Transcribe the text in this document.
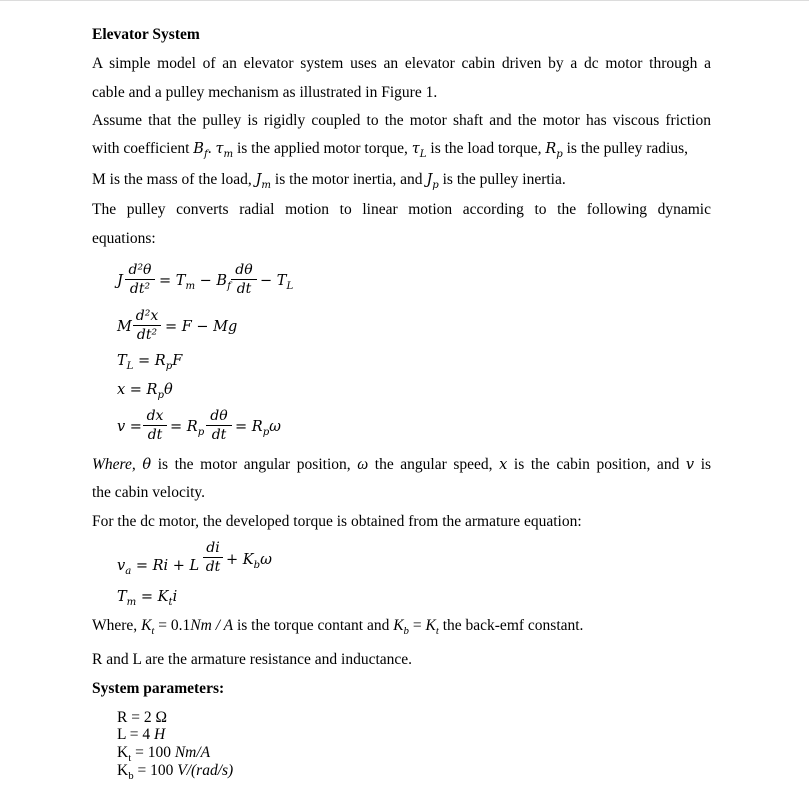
Elevator System
A simple model of an elevator system uses an elevator cabin driven by a dc motor through a
cable and a pulley mechanism as illustrated in Figure 1.
Assume that the pulley is rigidly coupled to the motor shaft and the motor has viscous friction
with coefficient $B_f$. $\tau_m$ is the applied motor torque, $\tau_L$ is the load torque, $R_p$ is the pulley radius,
M is the mass of the load, $J_m$ is the motor inertia, and $J_p$ is the pulley inertia.
The pulley converts radial motion to linear motion according to the following dynamic
equations:
J
d²θ
$dt^2 = T_m - B_f$
dθ
dt − $T_L$
M
d²x
dt² = F − Mg
$T_L = R_pF$
$x = R_p\theta$
v =
dx
dt = $R_p$
dθ
dt = $R_p\omega$
Where, θ is the motor angular position, ω the angular speed, x is the cabin position, and v is
the cabin velocity.
For the dc motor, the developed torque is obtained from the armature equation:
$v_a = Ri + L$
di
dt + $K_b\omega$
$T_m = K_ti$
Where, $K_t = 0.1Nm / A$ is the torque contant and $K_b = K_t$ the back-emf constant.
R and L are the armature resistance and inductance.
System parameters:
R = 2 Ω
L = 4 H
$K_t = 100$ Nm/A
$K_b = 100$ V/(rad/s)
